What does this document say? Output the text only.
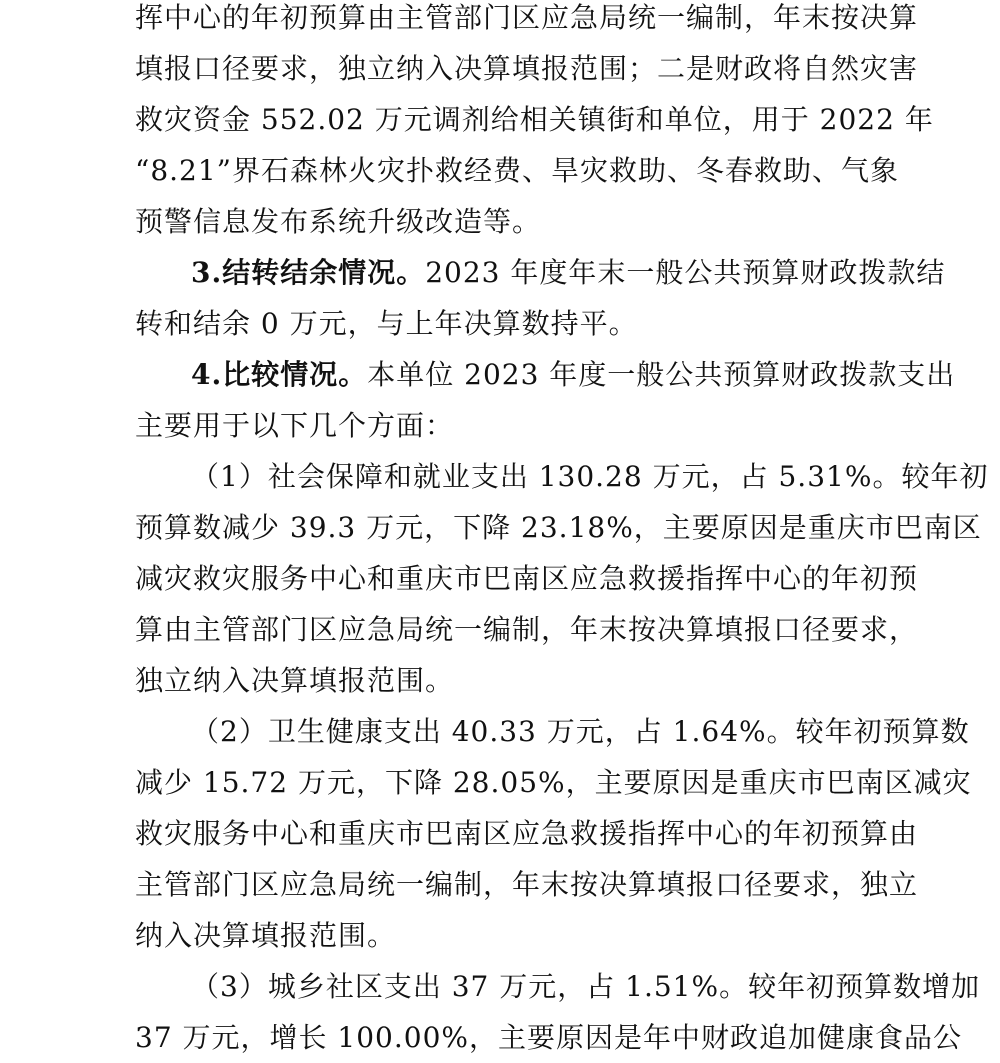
挥中心的年初预算由主管部门区应急局统一编制，年末按决算
填报口径要求，独立纳入决算填报范围；二是财政将自然灾害
救灾资金 552.02 万元调剂给相关镇街和单位，用于 2022 年
“8.21”界石森林火灾扑救经费、旱灾救助、冬春救助、气象
预警信息发布系统升级改造等。
3.结转结余情况。2023 年度年末一般公共预算财政拨款结
转和结余 0 万元，与上年决算数持平。
4.比较情况。本单位 2023 年度一般公共预算财政拨款支出
主要用于以下几个方面：
（1）社会保障和就业支出 130.28 万元，占 5.31%。较年初
预算数减少 39.3 万元，下降 23.18%，主要原因是重庆市巴南区
减灾救灾服务中心和重庆市巴南区应急救援指挥中心的年初预
算由主管部门区应急局统一编制，年末按决算填报口径要求，
独立纳入决算填报范围。
（2）卫生健康支出 40.33 万元，占 1.64%。较年初预算数
减少 15.72 万元，下降 28.05%，主要原因是重庆市巴南区减灾
救灾服务中心和重庆市巴南区应急救援指挥中心的年初预算由
主管部门区应急局统一编制，年末按决算填报口径要求，独立
纳入决算填报范围。
（3）城乡社区支出 37 万元，占 1.51%。较年初预算数增加
37 万元，增长 100.00%，主要原因是年中财政追加健康食品公
